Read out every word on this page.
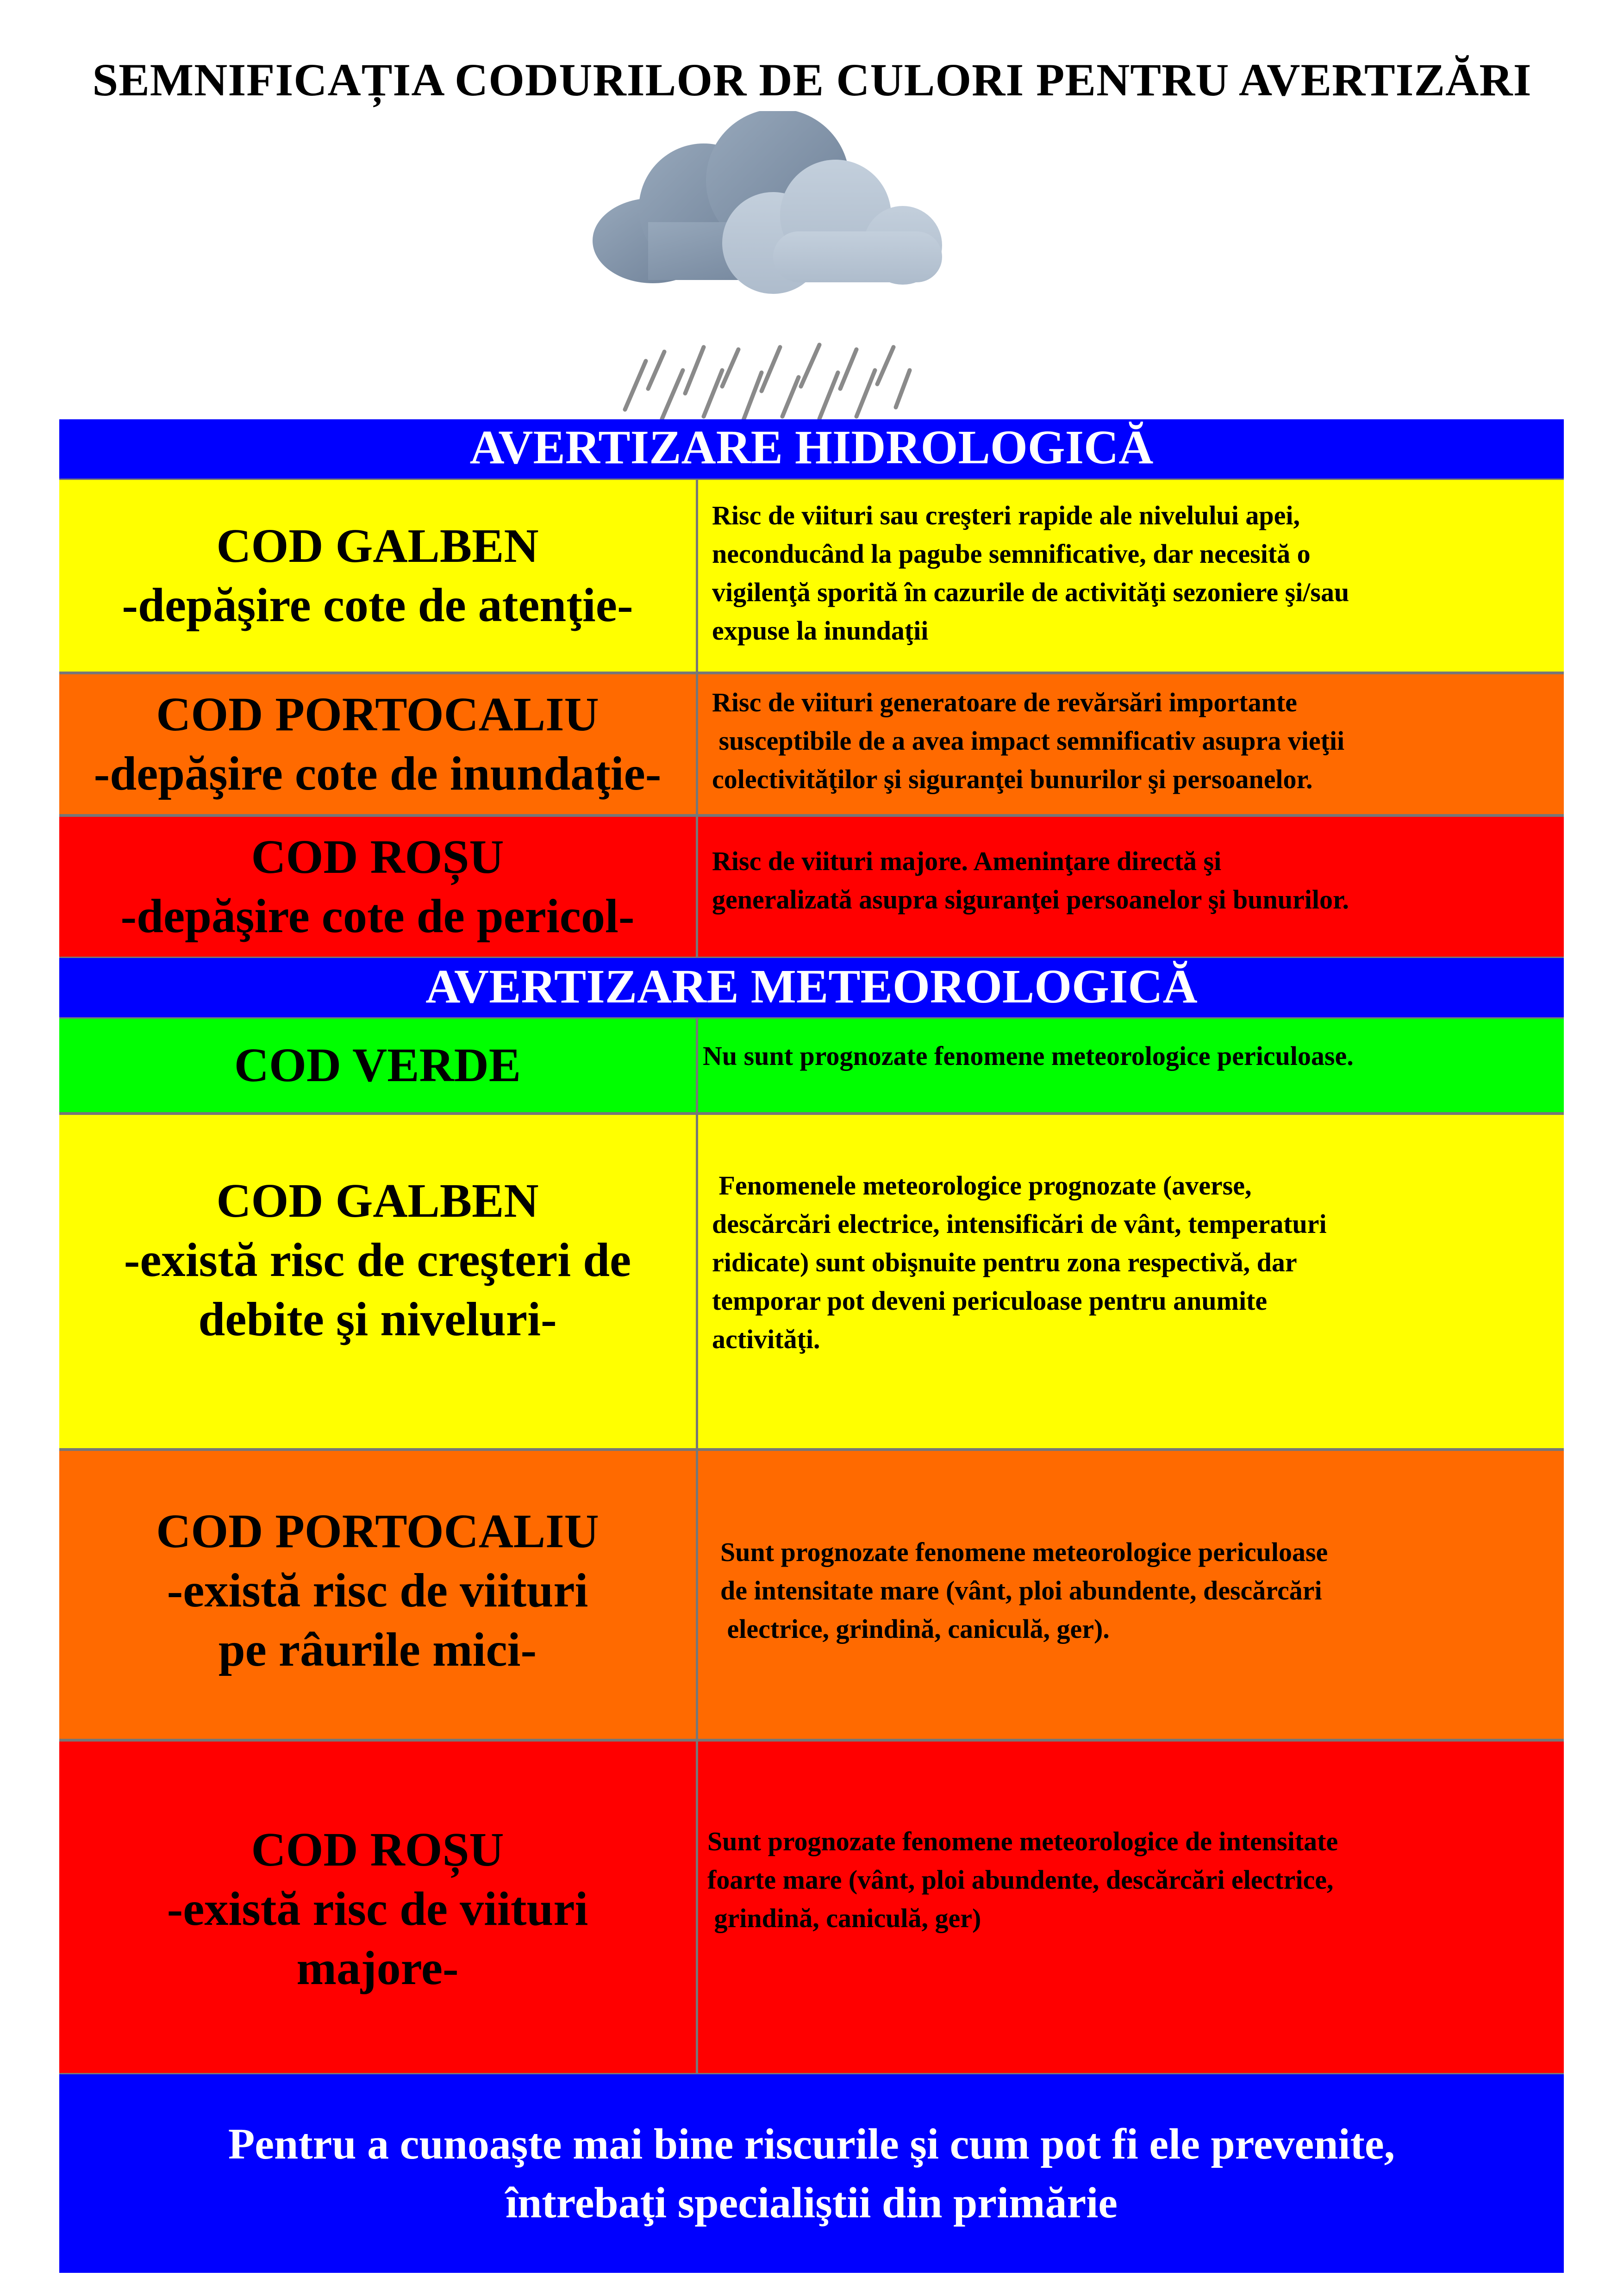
SEMNIFICAȚIA CODURILOR DE CULORI PENTRU AVERTIZĂRI
AVERTIZARE HIDROLOGICĂ
COD GALBEN
-depăşire cote de atenţie-
Risc de viituri sau creşteri rapide ale nivelului apei,
neconducând la pagube semnificative, dar necesită o
vigilenţă sporită în cazurile de activităţi sezoniere şi/sau
expuse la inundaţii
COD PORTOCALIU
-depăşire cote de inundaţie-
Risc de viituri generatoare de revărsări importante
susceptibile de a avea impact semnificativ asupra vieţii
colectivităţilor şi siguranţei bunurilor şi persoanelor.
COD ROȘU
-depăşire cote de pericol-
Risc de viituri majore. Ameninţare directă şi
generalizată asupra siguranţei persoanelor şi bunurilor.
AVERTIZARE METEOROLOGICĂ
COD VERDE	Nu sunt prognozate fenomene meteorologice periculoase.
COD GALBEN
-există risc de creşteri de
debite şi niveluri-
Fenomenele meteorologice prognozate (averse,
descărcări electrice, intensificări de vânt, temperaturi
ridicate) sunt obişnuite pentru zona respectivă, dar
temporar pot deveni periculoase pentru anumite
activităţi.
COD PORTOCALIU
-există risc de viituri
pe râurile mici-
Sunt prognozate fenomene meteorologice periculoase
de intensitate mare (vânt, ploi abundente, descărcări
electrice, grindină, caniculă, ger).
COD ROȘU
-există risc de viituri
majore-
Sunt prognozate fenomene meteorologice de intensitate
foarte mare (vânt, ploi abundente, descărcări electrice,
grindină, caniculă, ger)
Pentru a cunoaşte mai bine riscurile şi cum pot fi ele prevenite,
întrebaţi specialiştii din primărie
